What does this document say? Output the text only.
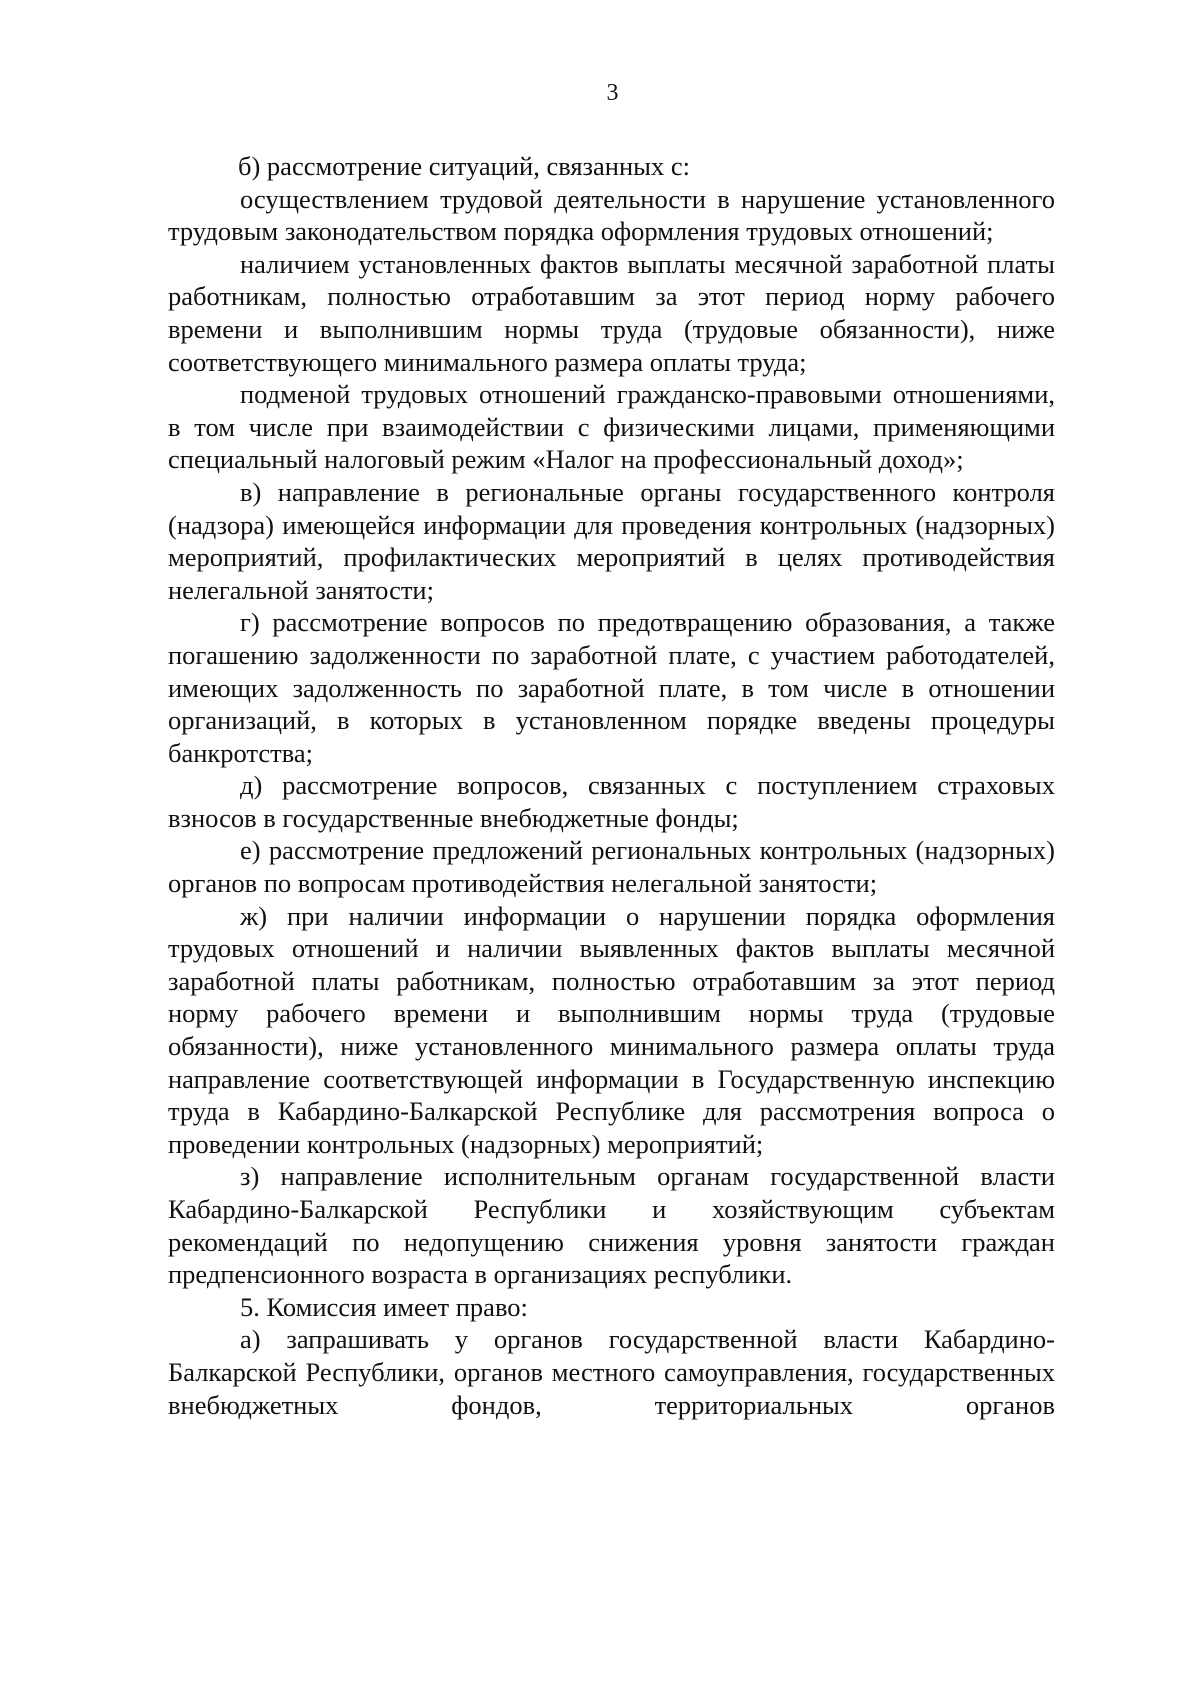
3

б) рассмотрение ситуаций, связанных с:

осуществлением трудовой деятельности в нарушение установленного трудовым законодательством порядка оформления трудовых отношений;

наличием установленных фактов выплаты месячной заработной платы работникам, полностью отработавшим за этот период норму рабочего времени и выполнившим нормы труда (трудовые обязанности), ниже соответствующего минимального размера оплаты труда;

подменой трудовых отношений гражданско-правовыми отношениями, в том числе при взаимодействии с физическими лицами, применяющими специальный налоговый режим «Налог на профессиональный доход»;

в) направление в региональные органы государственного контроля (надзора) имеющейся информации для проведения контрольных (надзорных) мероприятий, профилактических мероприятий в целях противодействия нелегальной занятости;

г) рассмотрение вопросов по предотвращению образования, а также погашению задолженности по заработной плате, с участием работодателей, имеющих задолженность по заработной плате, в том числе в отношении организаций, в которых в установленном порядке введены процедуры банкротства;

д) рассмотрение вопросов, связанных с поступлением страховых взносов в государственные внебюджетные фонды;

е) рассмотрение предложений региональных контрольных (надзорных) органов по вопросам противодействия нелегальной занятости;

ж) при наличии информации о нарушении порядка оформления трудовых отношений и наличии выявленных фактов выплаты месячной заработной платы работникам, полностью отработавшим за этот период норму рабочего времени и выполнившим нормы труда (трудовые обязанности), ниже установленного минимального размера оплаты труда направление соответствующей информации в Государственную инспекцию труда в Кабардино-Балкарской Республике для рассмотрения вопроса о проведении контрольных (надзорных) мероприятий;

з) направление исполнительным органам государственной власти Кабардино-Балкарской Республики и хозяйствующим субъектам рекомендаций по недопущению снижения уровня занятости граждан предпенсионного возраста в организациях республики.

5. Комиссия имеет право:

а) запрашивать у органов государственной власти Кабардино-Балкарской Республики, органов местного самоуправления, государственных внебюджетных фондов, территориальных органов
